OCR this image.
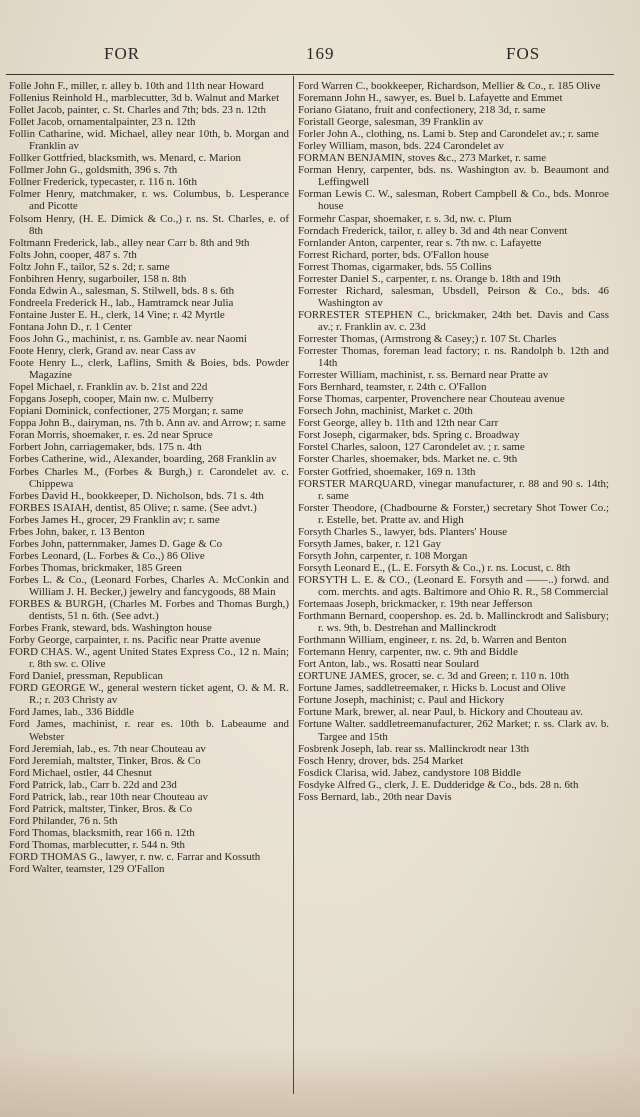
FOR	169	FOS

Folle John F., miller, r. alley b. 10th and 11th near Howard

Follenius Reinhold H., marblecutter, 3d b. Walnut and Market

Follet Jacob, painter, c. St. Charles and 7th; bds. 23 n. 12th

Follet Jacob, ornamentalpainter, 23 n. 12th

Follin Catharine, wid. Michael, alley near 10th, b. Morgan and Franklin av

Follker Gottfried, blacksmith, ws. Menard, c. Marion

Follmer John G., goldsmith, 396 s. 7th

Follner Frederick, typecaster, r. 116 n. 16th

Folmer Henry, matchmaker, r. ws. Columbus, b. Lesperance and Picotte

Folsom Henry, (H. E. Dimick & Co.,) r. ns. St. Charles, e. of 8th

Foltmann Frederick, lab., alley near Carr b. 8th and 9th

Folts John, cooper, 487 s. 7th

Foltz John F., tailor, 52 s. 2d; r. same

Fonbihren Henry, sugarboiler, 158 n. 8th

Fonda Edwin A., salesman, S. Stilwell, bds. 8 s. 6th

Fondreela Frederick H., lab., Hamtramck near Julia

Fontaine Juster E. H., clerk, 14 Vine; r. 42 Myrtle

Fontana John D., r. 1 Center

Foos John G., machinist, r. ns. Gamble av. near Naomi

Foote Henry, clerk, Grand av. near Cass av

Foote Henry L., clerk, Laflins, Smith & Boies, bds. Powder Magazine

Fopel Michael, r. Franklin av. b. 21st and 22d

Fopgans Joseph, cooper, Main nw. c. Mulberry

Fopiani Dominick, confectioner, 275 Morgan; r. same

Foppa John B., dairyman, ns. 7th b. Ann av. and Arrow; r. same

Foran Morris, shoemaker, r. es. 2d near Spruce

Forbert John, carriagemaker, bds. 175 n. 4th

Forbes Catherine, wid., Alexander, boarding, 268 Franklin av

Forbes Charles M., (Forbes & Burgh,) r. Carondelet av. c. Chippewa

Forbes David H., bookkeeper, D. Nicholson, bds. 71 s. 4th

FORBES ISAIAH, dentist, 85 Olive; r. same. (See advt.)

Forbes James H., grocer, 29 Franklin av; r. same

Frbes John, baker, r. 13 Benton

Forbes John, patternmaker, James D. Gage & Co

Forbes Leonard, (L. Forbes & Co.,) 86 Olive

Forbes Thomas, brickmaker, 185 Green

Forbes L. & Co., (Leonard Forbes, Charles A. McConkin and William J. H. Becker,) jewelry and fancygoods, 88 Main

FORBES & BURGH, (Charles M. Forbes and Thomas Burgh,) dentists, 51 n. 6th. (See advt.)

Forbes Frank, steward, bds. Washington house

Forby George, carpainter, r. ns. Pacific near Pratte avenue

FORD CHAS. W., agent United States Express Co., 12 n. Main; r. 8th sw. c. Olive

Ford Daniel, pressman, Republican

FORD GEORGE W., general western ticket agent, O. & M. R. R.; r. 203 Christy av

Ford James, lab., 336 Biddle

Ford James, machinist, r. rear es. 10th b. Labeaume and Webster

Ford Jeremiah, lab., es. 7th near Chouteau av

Ford Jeremiah, maltster, Tinker, Bros. & Co

Ford Michael, ostler, 44 Chesnut

Ford Patrick, lab., Carr b. 22d and 23d

Ford Patrick, lab., rear 10th near Chouteau av

Ford Patrick, maltster, Tinker, Bros. & Co

Ford Philander, 76 n. 5th

Ford Thomas, blacksmith, rear 166 n. 12th

Ford Thomas, marblecutter, r. 544 n. 9th

FORD THOMAS G., lawyer, r. nw. c. Farrar and Kossuth

Ford Walter, teamster, 129 O'Fallon

Ford Warren C., bookkeeper, Richardson, Mellier & Co., r. 185 Olive

Foremann John H., sawyer, es. Buel b. Lafayette and Emmet

Foriano Giatano, fruit and confectionery, 218 3d, r. same

Foristall George, salesman, 39 Franklin av

Forler John A., clothing, ns. Lami b. Step and Carondelet av.; r. same

Forley William, mason, bds. 224 Carondelet av

FORMAN BENJAMIN, stoves &c., 273 Market, r. same

Forman Henry, carpenter, bds. ns. Washington av. b. Beaumont and Leffingwell

Forman Lewis C. W., salesman, Robert Campbell & Co., bds. Monroe house

Formehr Caspar, shoemaker, r. s. 3d, nw. c. Plum

Forndach Frederick, tailor, r. alley b. 3d and 4th near Convent

Fornlander Anton, carpenter, rear s. 7th nw. c. Lafayette

Forrest Richard, porter, bds. O'Fallon house

Forrest Thomas, cigarmaker, bds. 55 Collins

Forrester Daniel S., carpenter, r. ns. Orange b. 18th and 19th

Forrester Richard, salesman, Ubsdell, Peirson & Co., bds. 46 Washington av

FORRESTER STEPHEN C., brickmaker, 24th bet. Davis and Cass av.; r. Franklin av. c. 23d

Forrester Thomas, (Armstrong & Casey;) r. 107 St. Charles

Forrester Thomas, foreman lead factory; r. ns. Randolph b. 12th and 14th

Forrester William, machinist, r. ss. Bernard near Pratte av

Fors Bernhard, teamster, r. 24th c. O'Fallon

Forse Thomas, carpenter, Provenchere near Chouteau avenue

Forsech John, machinist, Market c. 20th

Forst George, alley b. 11th and 12th near Carr

Forst Joseph, cigarmaker, bds. Spring c. Broadway

Forstel Charles, saloon, 127 Carondelet av. ; r. same

Forster Charles, shoemaker, bds. Market ne. c. 9th

Forster Gotfried, shoemaker, 169 n. 13th

FORSTER MARQUARD, vinegar manufacturer, r. 88 and 90 s. 14th; r. same

Forster Theodore, (Chadbourne & Forster,) secretary Shot Tower Co.; r. Estelle, bet. Pratte av. and High

Forsyth Charles S., lawyer, bds. Planters' House

Forsyth James, baker, r. 121 Gay

Forsyth John, carpenter, r. 108 Morgan

Forsyth Leonard E., (L. E. Forsyth & Co.,) r. ns. Locust, c. 8th

FORSYTH L. E. & CO., (Leonard E. Forsyth and ——..) forwd. and com. merchts. and agts. Baltimore and Ohio R. R., 58 Commercial

Fortemaas Joseph, brickmacker, r. 19th near Jefferson

Forthmann Bernard, coopershop. es. 2d. b. Mallinckrodt and Salisbury; r. ws. 9th, b. Destrehan and Mallinckrodt

Forthmann William, engineer, r. ns. 2d, b. Warren and Benton

Fortemann Henry, carpenter, nw. c. 9th and Biddle

Fort Anton, lab., ws. Rosatti near Soulard

£ORTUNE JAMES, grocer, se. c. 3d and Green; r. 110 n. 10th

Fortune James, saddletreemaker, r. Hicks b. Locust and Olive

Fortune Joseph, machinist; c. Paul and Hickory

Fortune Mark, brewer, al. near Paul, b. Hickory and Chouteau av.

Fortune Walter. saddletreemanufacturer, 262 Market; r. ss. Clark av. b. Targee and 15th

Fosbrenk Joseph, lab. rear ss. Mallinckrodt near 13th

Fosch Henry, drover, bds. 254 Market

Fosdick Clarisa, wid. Jabez, candystore 108 Biddle

Fosdyke Alfred G., clerk, J. E. Dudderidge & Co., bds. 28 n. 6th

Foss Bernard, lab., 20th near Davis
